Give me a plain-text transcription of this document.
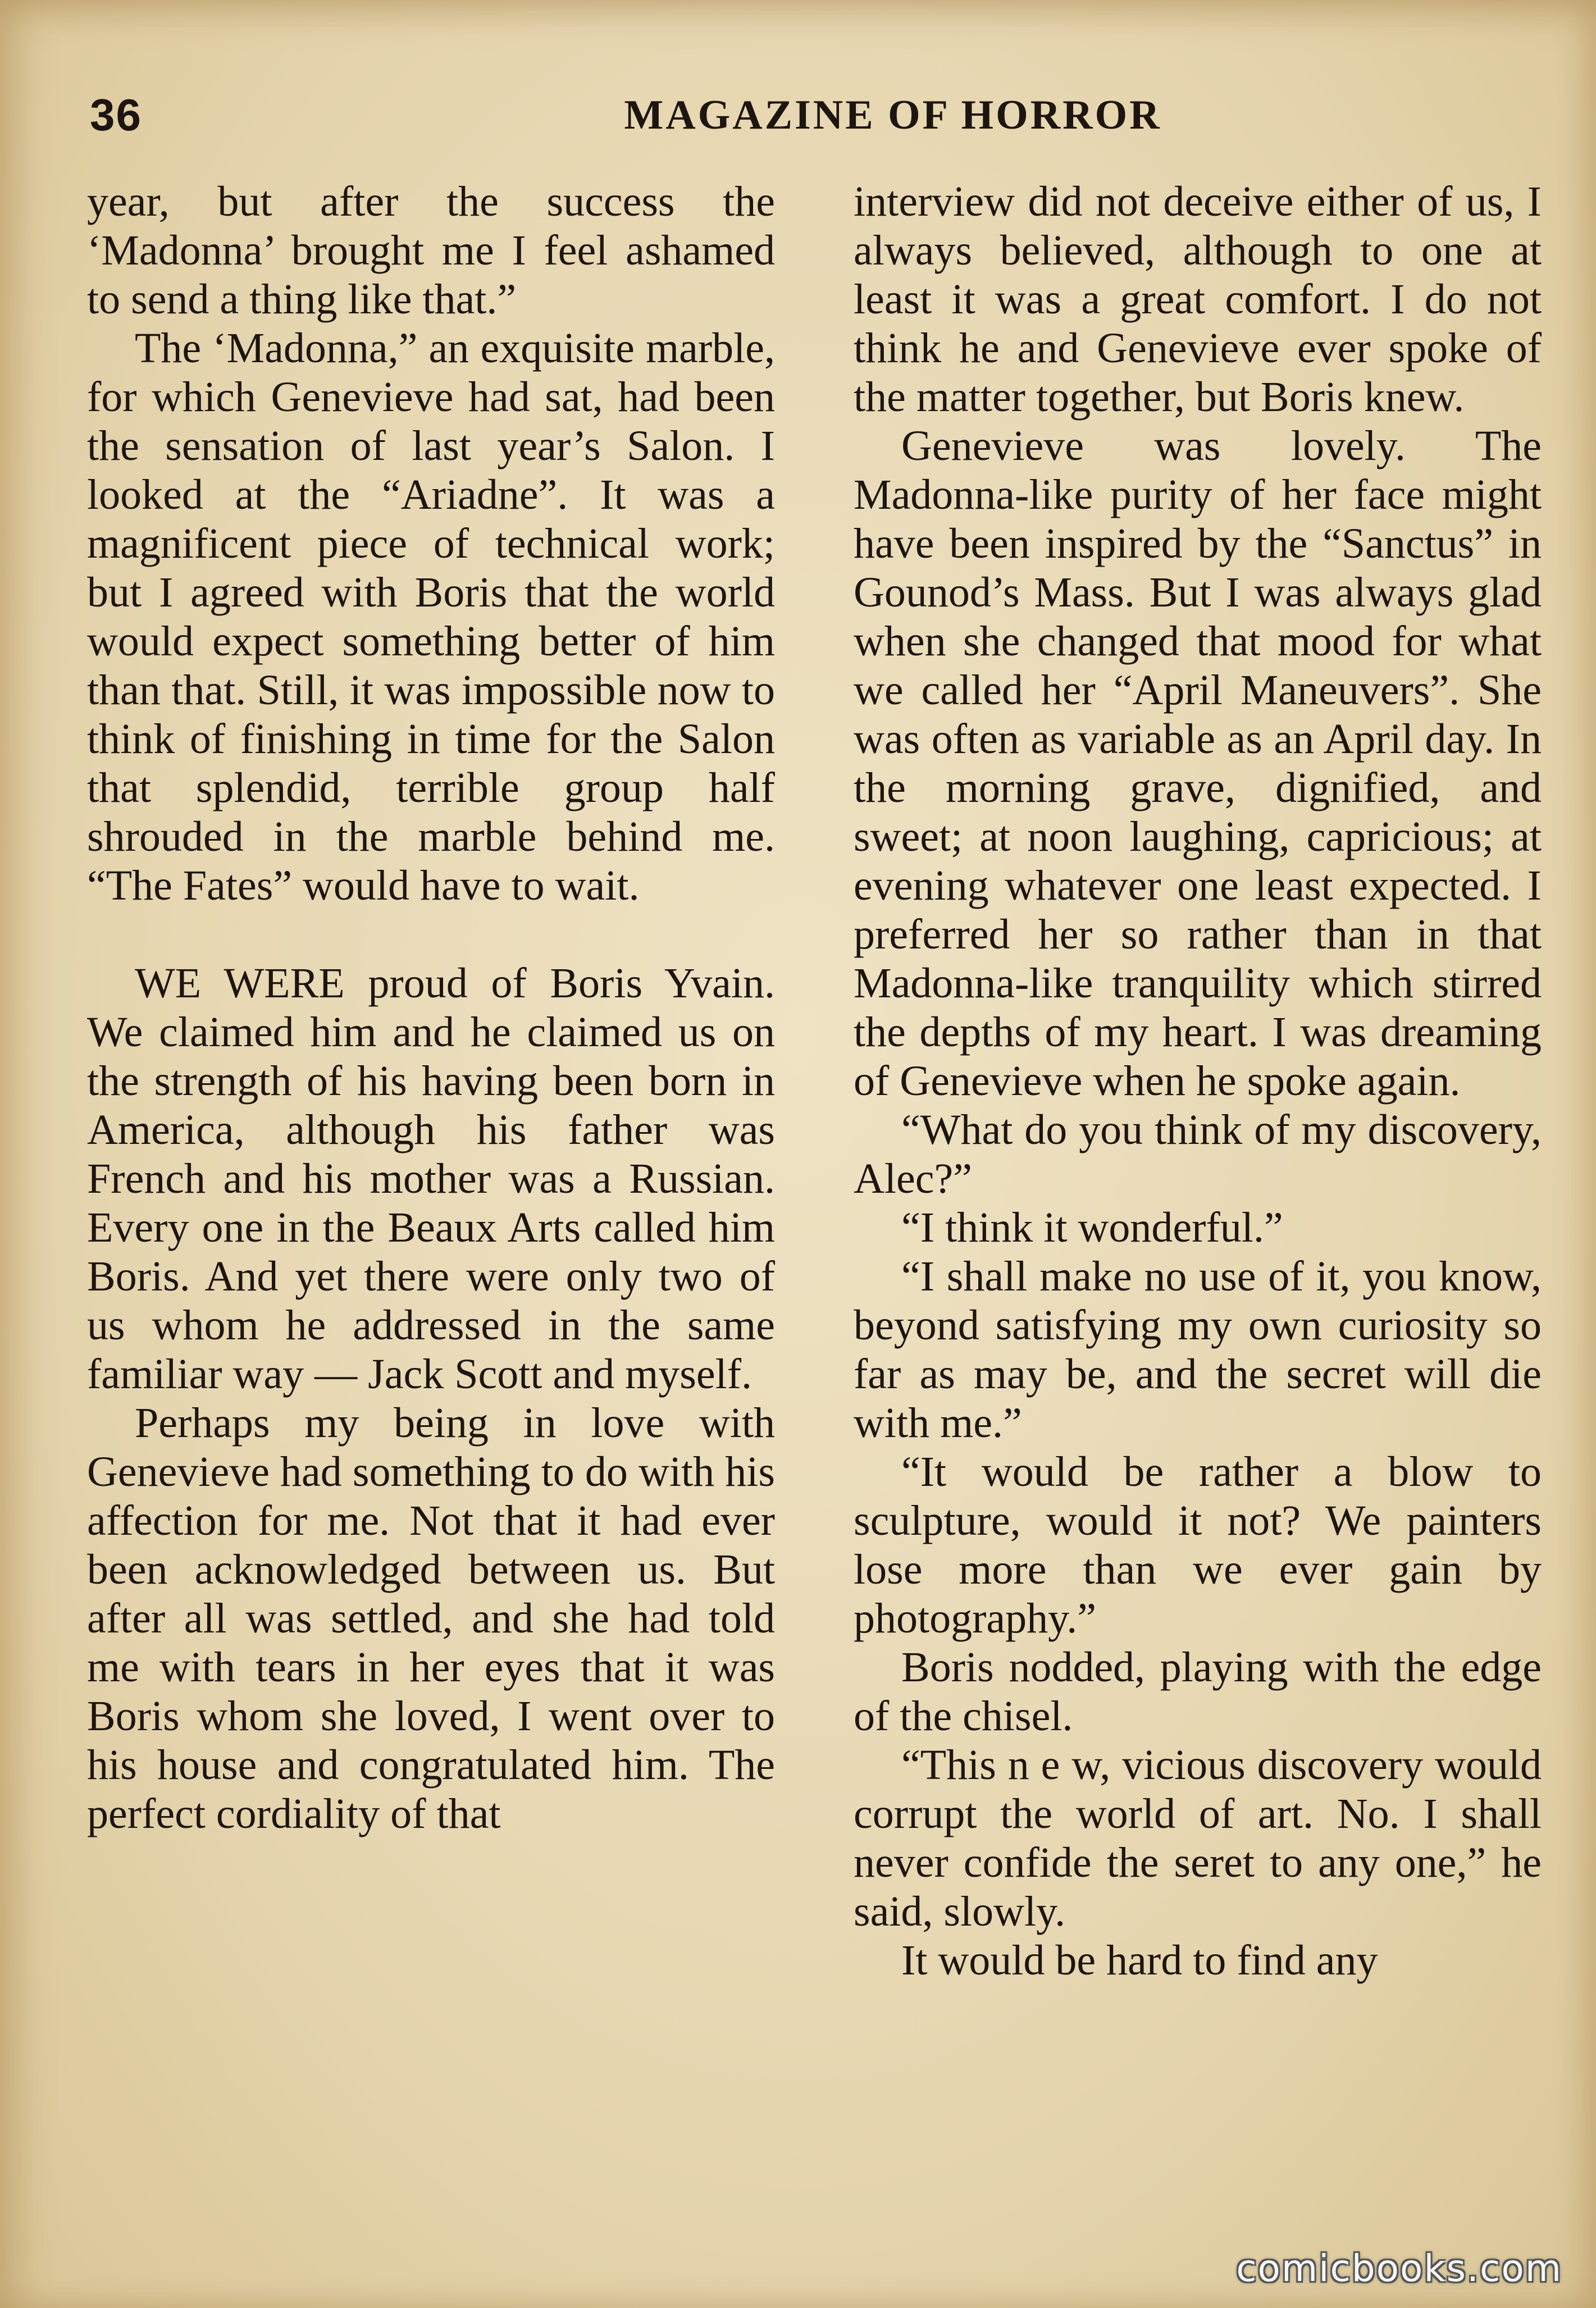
36	MAGAZINE OF HORROR

year, but after the success the ‘Madonna’ brought me I feel ashamed to send a thing like that.”

The ‘Madonna,” an exquisite marble, for which Genevieve had sat, had been the sensation of last year’s Salon. I looked at the “Ariadne”. It was a magnificent piece of technical work; but I agreed with Boris that the world would expect something better of him than that. Still, it was impossible now to think of finishing in time for the Salon that splendid, terrible group half shrouded in the marble behind me. “The Fates” would have to wait.

WE WERE proud of Boris Yvain. We claimed him and he claimed us on the strength of his having been born in America, although his father was French and his mother was a Russian. Every one in the Beaux Arts called him Boris. And yet there were only two of us whom he addressed in the same familiar way — Jack Scott and myself.

Perhaps my being in love with Genevieve had something to do with his affection for me. Not that it had ever been acknowledged between us. But after all was settled, and she had told me with tears in her eyes that it was Boris whom she loved, I went over to his house and congratulated him. The perfect cordiality of that

interview did not deceive either of us, I always believed, although to one at least it was a great comfort. I do not think he and Genevieve ever spoke of the matter together, but Boris knew.

Genevieve was lovely. The Madonna-like purity of her face might have been inspired by the “Sanctus” in Gounod’s Mass. But I was always glad when she changed that mood for what we called her “April Maneuvers”. She was often as variable as an April day. In the morning grave, dignified, and sweet; at noon laughing, capricious; at evening whatever one least expected. I preferred her so rather than in that Madonna-like tranquility which stirred the depths of my heart. I was dreaming of Genevieve when he spoke again.

“What do you think of my discovery, Alec?”

“I think it wonderful.”

“I shall make no use of it, you know, beyond satisfying my own curiosity so far as may be, and the secret will die with me.”

“It would be rather a blow to sculpture, would it not? We painters lose more than we ever gain by photography.”

Boris nodded, playing with the edge of the chisel.

“This n e w, vicious discovery would corrupt the world of art. No. I shall never confide the seret to any one,” he said, slowly.

It would be hard to find any

comicbooks.com
